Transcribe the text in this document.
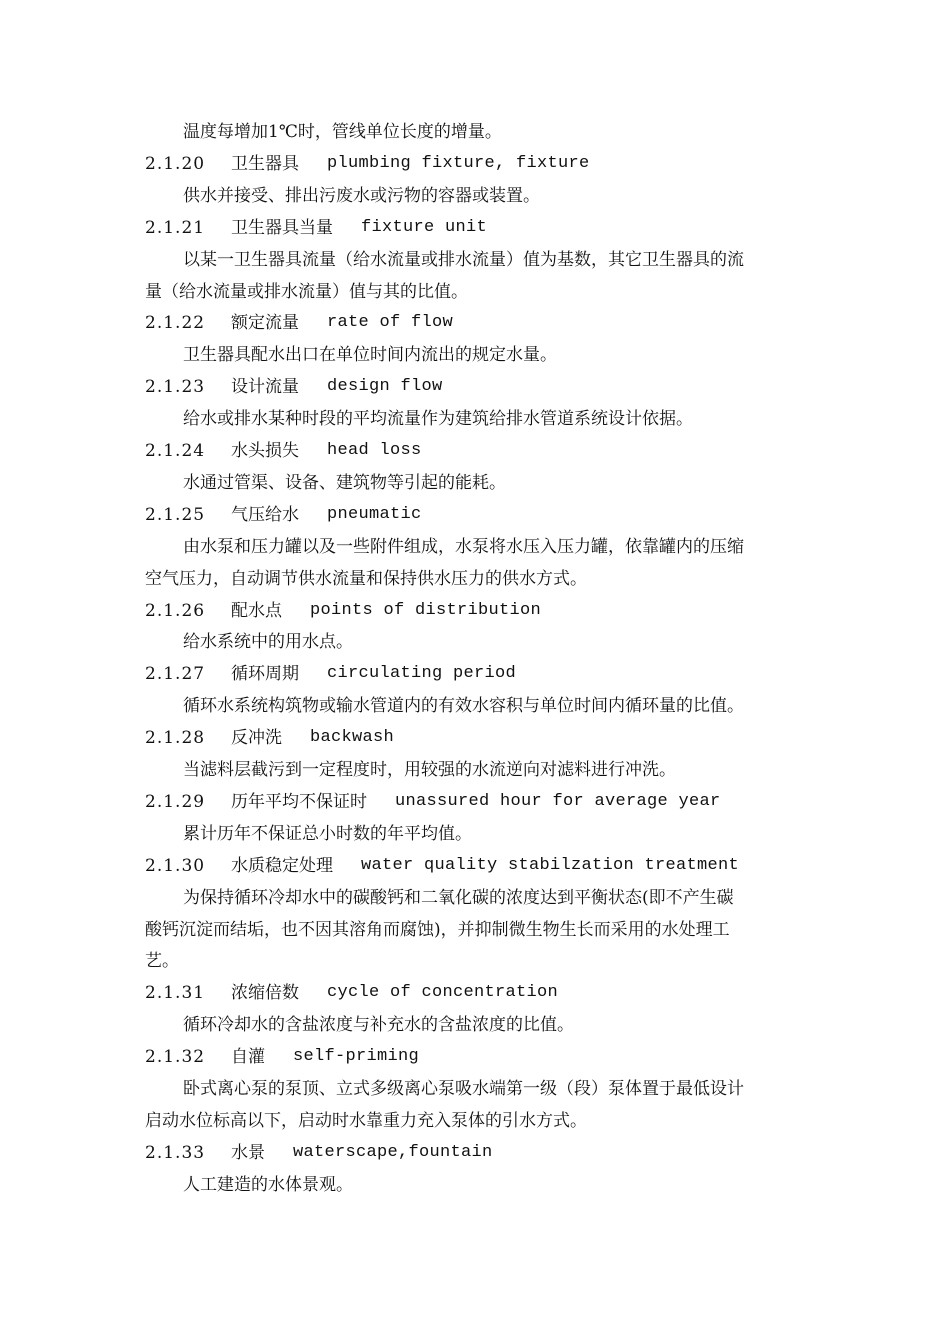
温度每增加1℃时，管线单位长度的增量。
2.1.20 卫生器具 plumbing fixture, fixture
供水并接受、排出污废水或污物的容器或装置。
2.1.21 卫生器具当量 fixture unit
以某一卫生器具流量（给水流量或排水流量）值为基数，其它卫生器具的流
量（给水流量或排水流量）值与其的比值。
2.1.22 额定流量 rate of flow
卫生器具配水出口在单位时间内流出的规定水量。
2.1.23 设计流量 design flow
给水或排水某种时段的平均流量作为建筑给排水管道系统设计依据。
2.1.24 水头损失 head loss
水通过管渠、设备、建筑物等引起的能耗。
2.1.25 气压给水 pneumatic
由水泵和压力罐以及一些附件组成，水泵将水压入压力罐，依靠罐内的压缩
空气压力，自动调节供水流量和保持供水压力的供水方式。
2.1.26 配水点 points of distribution
给水系统中的用水点。
2.1.27 循环周期 circulating period
循环水系统构筑物或输水管道内的有效水容积与单位时间内循环量的比值。
2.1.28 反冲洗 backwash
当滤料层截污到一定程度时，用较强的水流逆向对滤料进行冲洗。
2.1.29 历年平均不保证时 unassured hour for average year
累计历年不保证总小时数的年平均值。
2.1.30 水质稳定处理 water quality stabilzation treatment
为保持循环冷却水中的碳酸钙和二氧化碳的浓度达到平衡状态(即不产生碳
酸钙沉淀而结垢，也不因其溶角而腐蚀)，并抑制微生物生长而采用的水处理工
艺。
2.1.31 浓缩倍数 cycle of concentration
循环冷却水的含盐浓度与补充水的含盐浓度的比值。
2.1.32 自灌 self-priming
卧式离心泵的泵顶、立式多级离心泵吸水端第一级（段）泵体置于最低设计
启动水位标高以下，启动时水靠重力充入泵体的引水方式。
2.1.33 水景 waterscape,fountain
人工建造的水体景观。
